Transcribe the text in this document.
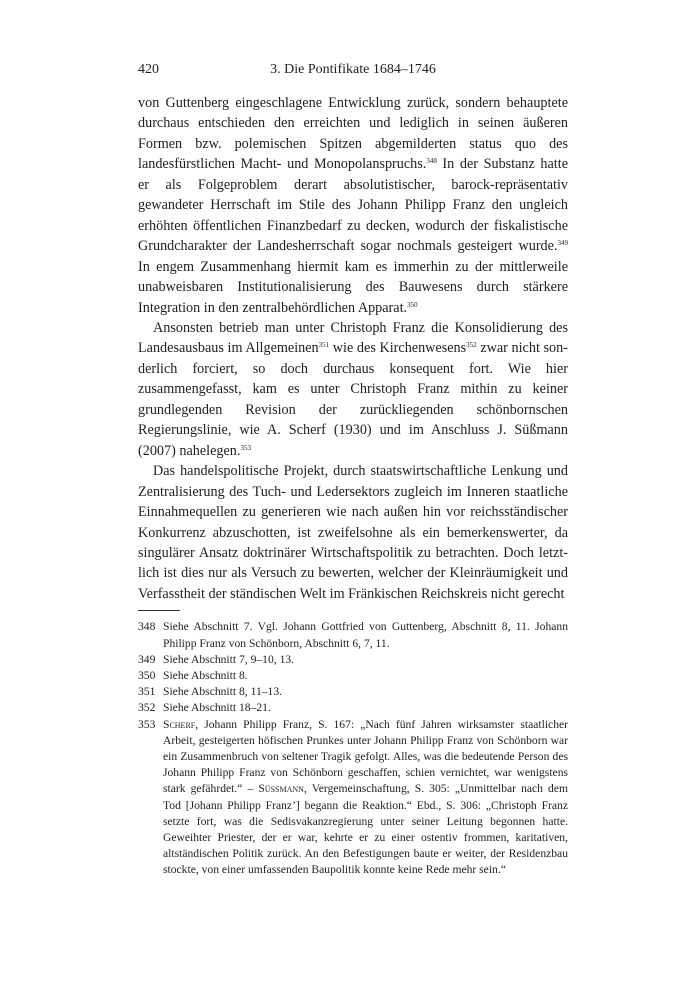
420	3. Die Pontifikate 1684–1746

von Guttenberg eingeschlagene Entwicklung zurück, sondern behauptete durchaus entschieden den erreichten und lediglich in seinen äußeren Formen bzw. polemischen Spitzen abgemilderten status quo des landesfürstlichen Macht- und Monopolanspruchs.$^{348}$ In der Substanz hatte er als Folgeproblem derart absolutistischer, barock-repräsentativ gewandeter Herrschaft im Stile des Johann Philipp Franz den ungleich erhöhten öffentlichen Finanzbedarf zu decken, wodurch der fiskalistische Grundcharakter der Landesherrschaft sogar nochmals gesteigert wurde.$^{349}$ In engem Zusammenhang hiermit kam es immerhin zu der mittlerweile unabweisbaren Institutionalisierung des Bauwesens durch stärkere Integration in den zentralbehördlichen Apparat.$^{350}$

Ansonsten betrieb man unter Christoph Franz die Konsolidierung des Landesausbaus im Allgemeinen$^{351}$ wie des Kirchenwesens$^{352}$ zwar nicht sonderlich forciert, so doch durchaus konsequent fort. Wie hier zusammengefasst, kam es unter Christoph Franz mithin zu keiner grundlegenden Revision der zurückliegenden schönbornschen Regierungslinie, wie A. Scherf (1930) und im Anschluss J. Süßmann (2007) nahelegen.$^{353}$

Das handelspolitische Projekt, durch staatswirtschaftliche Lenkung und Zentralisierung des Tuch- und Ledersektors zugleich im Inneren staatliche Einnahmequellen zu generieren wie nach außen hin vor reichsständischer Konkurrenz abzuschotten, ist zweifelsohne als ein bemerkenswerter, da singulärer Ansatz doktrinärer Wirtschaftspolitik zu betrachten. Doch letztlich ist dies nur als Versuch zu bewerten, welcher der Kleinräumigkeit und Verfasstheit der ständischen Welt im Fränkischen Reichskreis nicht gerecht

348 Siehe Abschnitt 7. Vgl. Johann Gottfried von Guttenberg, Abschnitt 8, 11. Johann Philipp Franz von Schönborn, Abschnitt 6, 7, 11.
349 Siehe Abschnitt 7, 9–10, 13.
350 Siehe Abschnitt 8.
351 Siehe Abschnitt 8, 11–13.
352 Siehe Abschnitt 18–21.
353 Scherf, Johann Philipp Franz, S. 167: „Nach fünf Jahren wirksamster staatlicher Arbeit, gesteigerten höfischen Prunkes unter Johann Philipp Franz von Schönborn war ein Zusammenbruch von seltener Tragik gefolgt. Alles, was die bedeutende Person des Johann Philipp Franz von Schönborn geschaffen, schien vernichtet, war wenigstens stark gefährdet.“ – Süssmann, Vergemeinschaftung, S. 305: „Unmittelbar nach dem Tod [Johann Philipp Franz’] begann die Reaktion.“ Ebd., S. 306: „Christoph Franz setzte fort, was die Sedisvakanzregierung unter seiner Leitung begonnen hatte. Geweihter Priester, der er war, kehrte er zu einer ostentiv frommen, karitativen, altständischen Politik zurück. An den Befestigungen baute er weiter, der Residenzbau stockte, von einer umfassenden Baupolitik konnte keine Rede mehr sein.“
